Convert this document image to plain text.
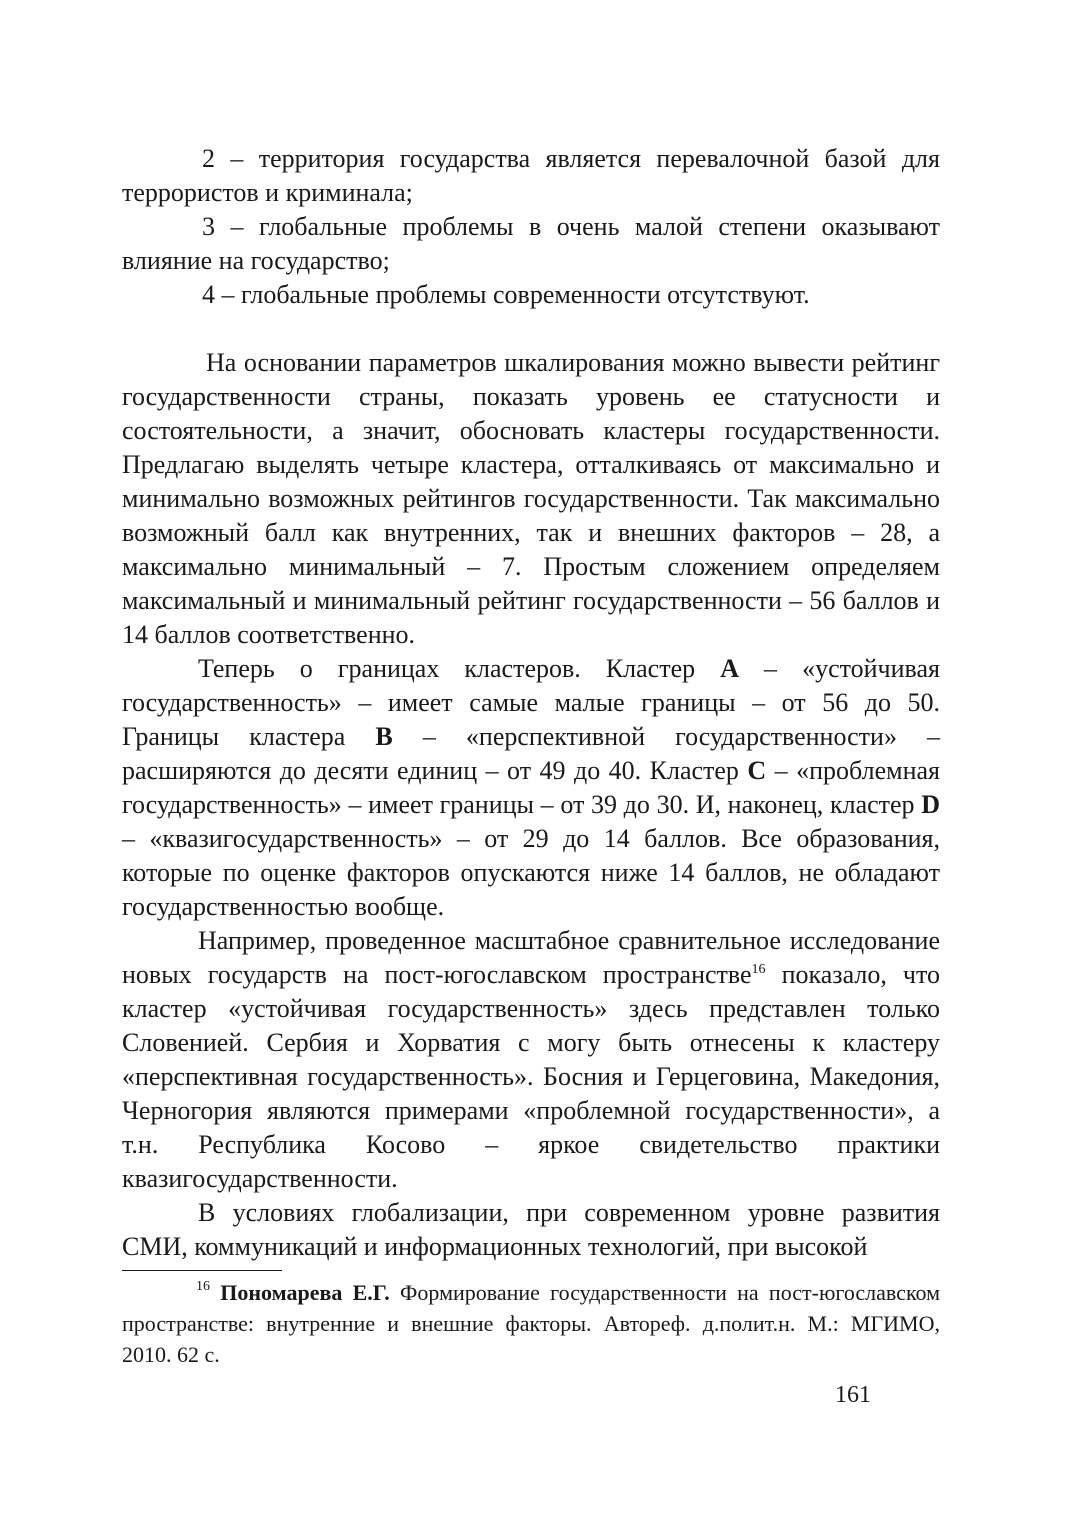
2 – территория государства является перевалочной базой для террористов и криминала;

3 – глобальные проблемы в очень малой степени оказывают влияние на государство;

4 – глобальные проблемы современности отсутствуют.

На основании параметров шкалирования можно вывести рейтинг государственности страны, показать уровень ее статусности и состоятельности, а значит, обосновать кластеры государственности. Предлагаю выделять четыре кластера, отталкиваясь от максимально и минимально возможных рейтингов государственности. Так максимально возможный балл как внутренних, так и внешних факторов – 28, а максимально минимальный – 7. Простым сложением определяем максимальный и минимальный рейтинг государственности – 56 баллов и 14 баллов соответственно.

Теперь о границах кластеров. Кластер A – «устойчивая государственность» – имеет самые малые границы – от 56 до 50. Границы кластера B – «перспективной государственности» – расширяются до десяти единиц – от 49 до 40. Кластер C – «проблемная государственность» – имеет границы – от 39 до 30. И, наконец, кластер D – «квазигосударственность» – от 29 до 14 баллов. Все образования, которые по оценке факторов опускаются ниже 14 баллов, не обладают государственностью вообще.

Например, проведенное масштабное сравнительное исследование новых государств на пост-югославском пространстве$^{16}$ показало, что кластер «устойчивая государственность» здесь представлен только Словенией. Сербия и Хорватия с могу быть отнесены к кластеру «перспективная государственность». Босния и Герцеговина, Македония, Черногория являются примерами «проблемной государственности», а т.н. Республика Косово – яркое свидетельство практики квазигосударственности.

В условиях глобализации, при современном уровне развития СМИ, коммуникаций и информационных технологий, при высокой

$^{16}$ Пономарева Е.Г. Формирование государственности на пост-югославском пространстве: внутренние и внешние факторы. Автореф. д.полит.н. М.: МГИМО, 2010. 62 с.

161
